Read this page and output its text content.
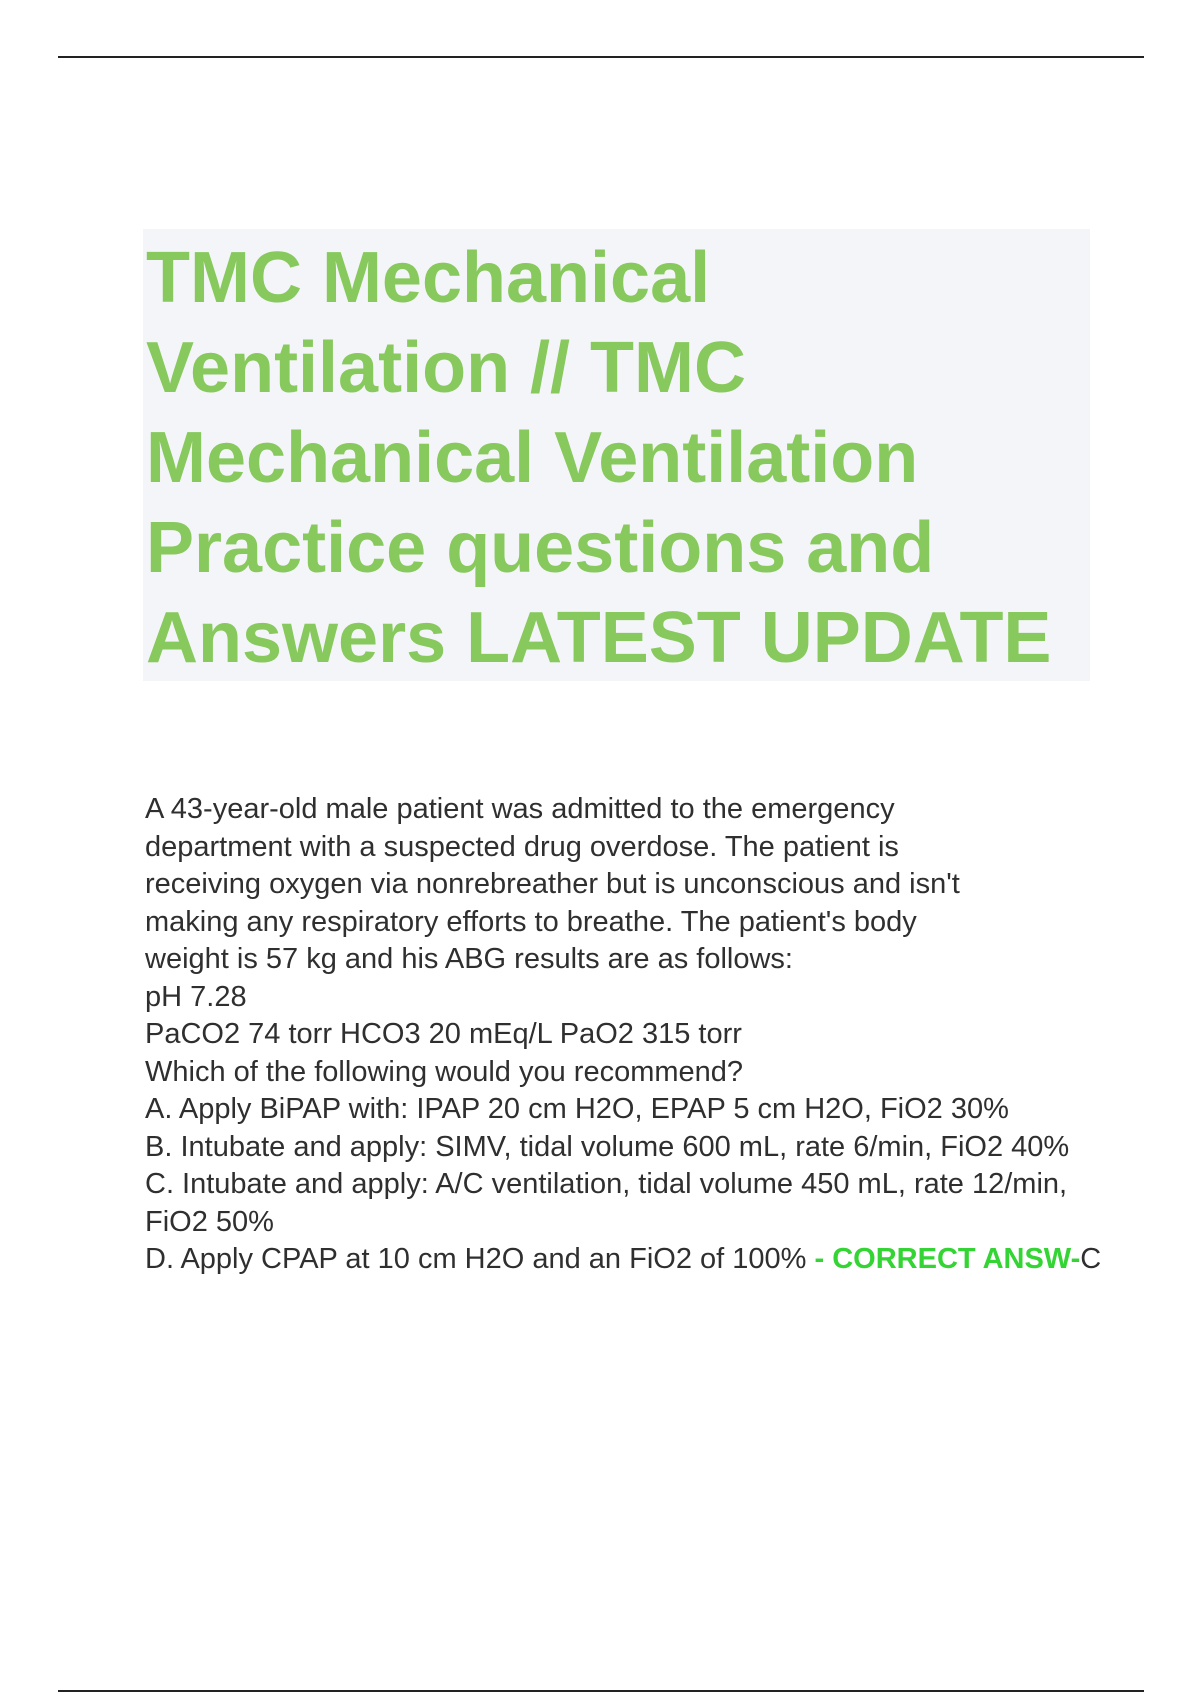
TMC Mechanical Ventilation // TMC Mechanical Ventilation Practice questions and Answers LATEST UPDATE

A 43-year-old male patient was admitted to the emergency

department with a suspected drug overdose. The patient is

receiving oxygen via nonrebreather but is unconscious and isn't

making any respiratory efforts to breathe. The patient's body

weight is 57 kg and his ABG results are as follows:

pH 7.28

PaCO2 74 torr HCO3 20 mEq/L PaO2 315 torr

Which of the following would you recommend?

A. Apply BiPAP with: IPAP 20 cm H2O, EPAP 5 cm H2O, FiO2 30%

B. Intubate and apply: SIMV, tidal volume 600 mL, rate 6/min, FiO2 40%

C. Intubate and apply: A/C ventilation, tidal volume 450 mL, rate 12/min, FiO2 50%

D. Apply CPAP at 10 cm H2O and an FiO2 of 100% - CORRECT ANSW-C
